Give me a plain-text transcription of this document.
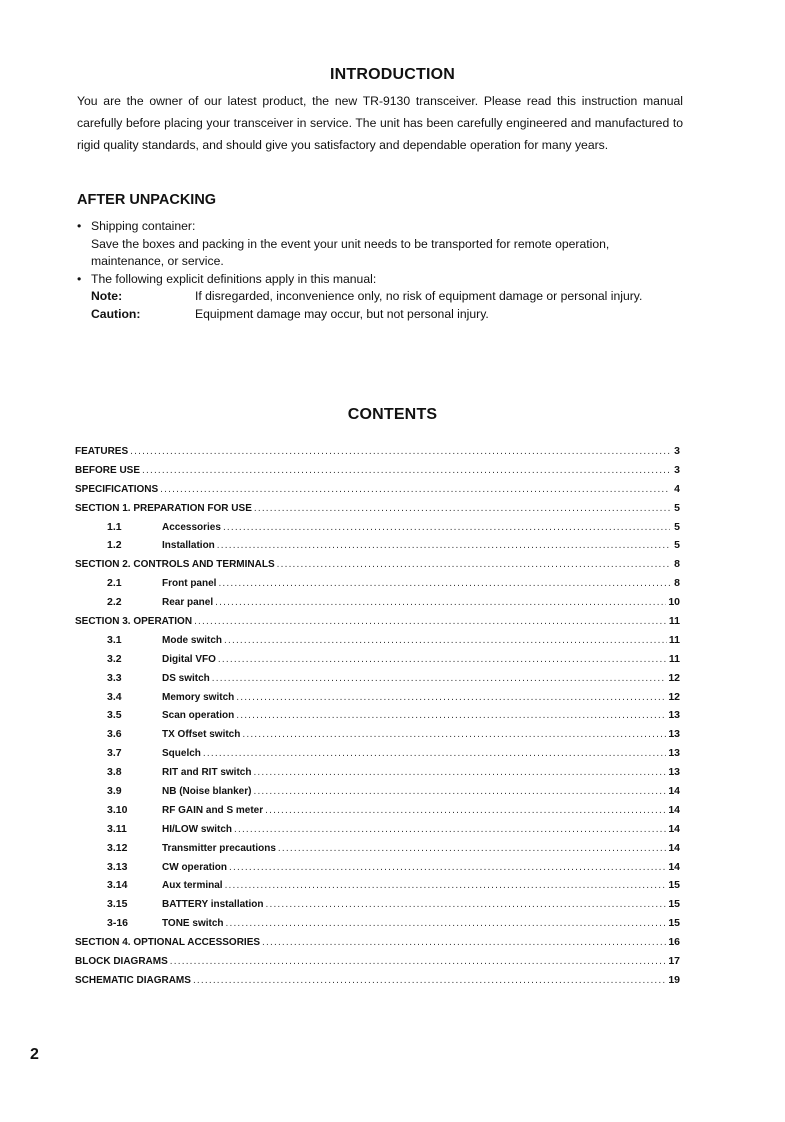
INTRODUCTION

You are the owner of our latest product, the new TR-9130 transceiver. Please read this instruction manual carefully before placing your transceiver in service. The unit has been carefully engineered and manufactured to rigid quality standards, and should give you satisfactory and dependable operation for many years.

AFTER UNPACKING
• Shipping container:
Save the boxes and packing in the event your unit needs to be transported for remote operation, maintenance, or service.
• The following explicit definitions apply in this manual:
Note:	If disregarded, inconvenience only, no risk of equipment damage or personal injury.
Caution:	Equipment damage may occur, but not personal injury.
CONTENTS
FEATURES .....	3
BEFORE USE .....	3
SPECIFICATIONS .....	4
SECTION 1. PREPARATION FOR USE .....	5
1.1	Accessories .....	5
1.2	Installation .....	5
SECTION 2. CONTROLS AND TERMINALS .....	8
2.1	Front panel .....	8
2.2	Rear panel .....	10
SECTION 3. OPERATION .....	11
3.1	Mode switch .....	11
3.2	Digital VFO .....	11
3.3	DS switch .....	12
3.4	Memory switch .....	12
3.5	Scan operation .....	13
3.6	TX Offset switch .....	13
3.7	Squelch .....	13
3.8	RIT and RIT switch .....	13
3.9	NB (Noise blanker) .....	14
3.10	RF GAIN and S meter .....	14
3.11	HI/LOW switch .....	14
3.12	Transmitter precautions .....	14
3.13	CW operation .....	14
3.14	Aux terminal .....	15
3.15	BATTERY installation .....	15
3-16	TONE switch .....	15
SECTION 4. OPTIONAL ACCESSORIES .....	16
BLOCK DIAGRAMS .....	17
SCHEMATIC DIAGRAMS .....	19
2
